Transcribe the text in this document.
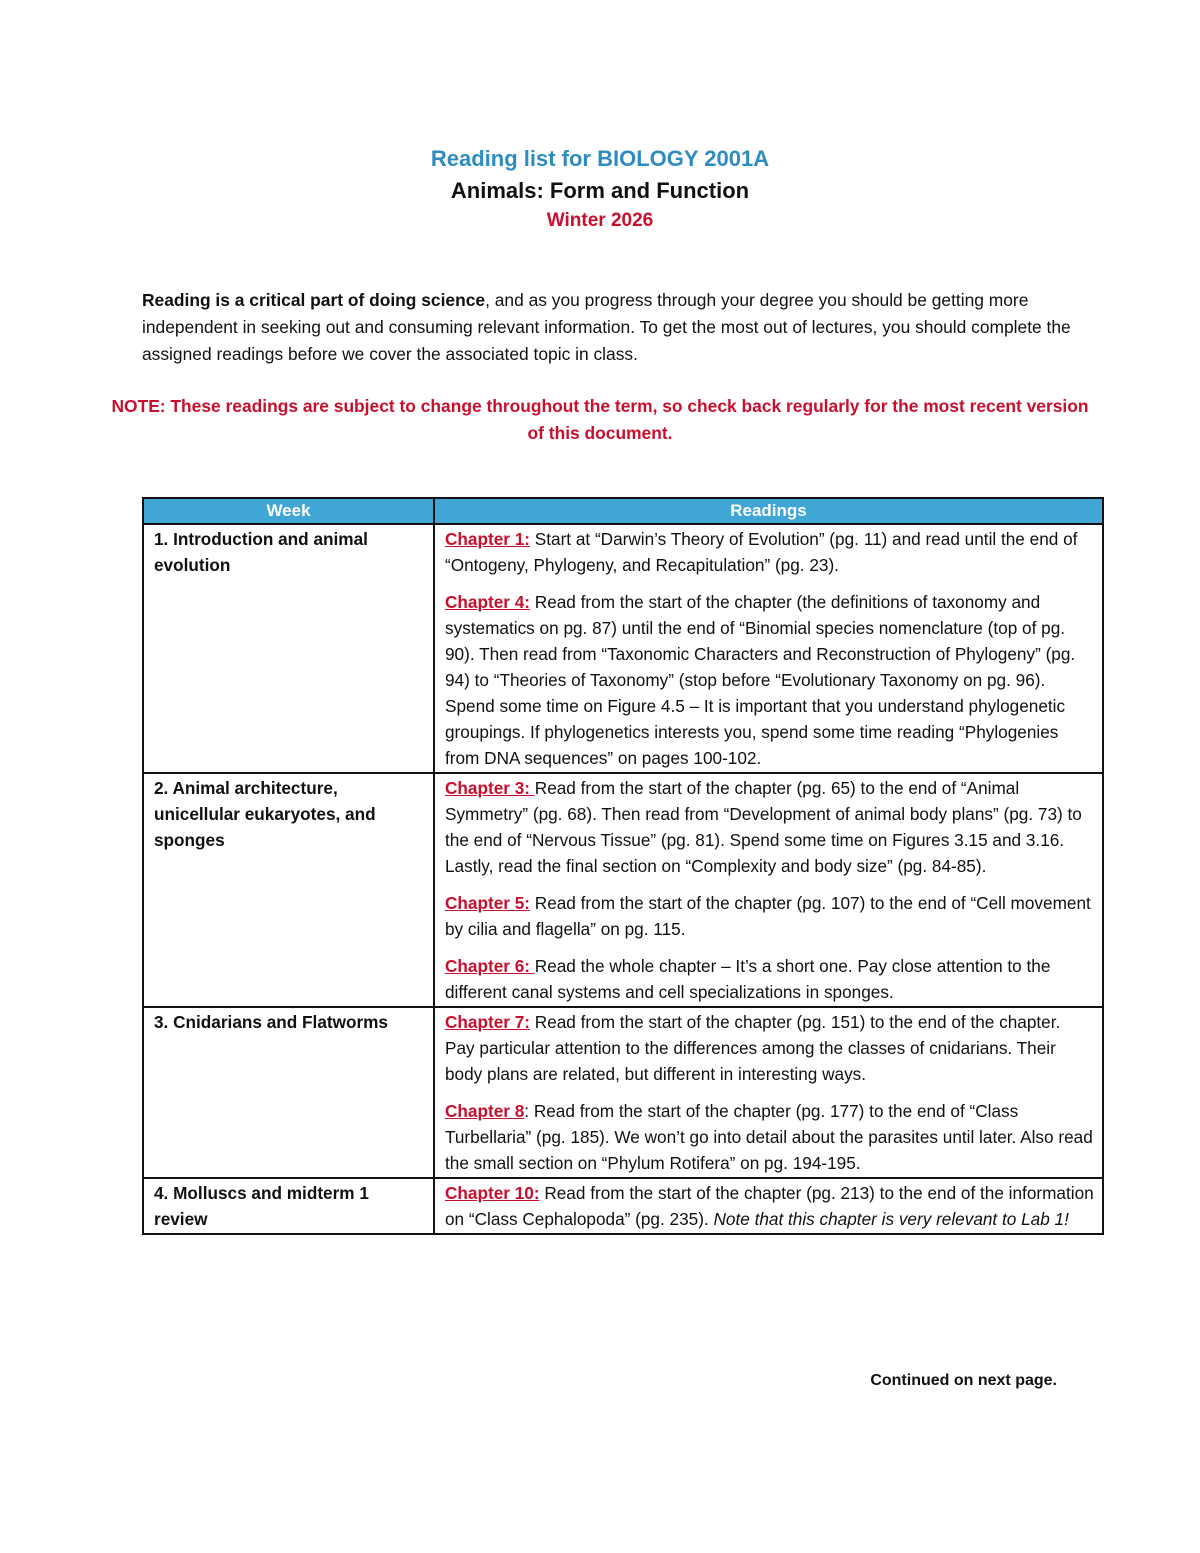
Reading list for BIOLOGY 2001A
Animals: Form and Function
Winter 2026

Reading is a critical part of doing science, and as you progress through your degree you should be getting more independent in seeking out and consuming relevant information. To get the most out of lectures, you should complete the assigned readings before we cover the associated topic in class.

NOTE: These readings are subject to change throughout the term, so check back regularly for the most recent version of this document.

Week	Readings
1. Introduction and animal evolution	Chapter 1: Start at “Darwin’s Theory of Evolution” (pg. 11) and read until the end of “Ontogeny, Phylogeny, and Recapitulation” (pg. 23).

Chapter 4: Read from the start of the chapter (the definitions of taxonomy and systematics on pg. 87) until the end of “Binomial species nomenclature (top of pg. 90). Then read from “Taxonomic Characters and Reconstruction of Phylogeny” (pg. 94) to “Theories of Taxonomy” (stop before “Evolutionary Taxonomy on pg. 96). Spend some time on Figure 4.5 – It is important that you understand phylogenetic groupings. If phylogenetics interests you, spend some time reading “Phylogenies from DNA sequences” on pages 100-102.

2. Animal architecture, unicellular eukaryotes, and sponges	Chapter 3: Read from the start of the chapter (pg. 65) to the end of “Animal Symmetry” (pg. 68). Then read from “Development of animal body plans” (pg. 73) to the end of “Nervous Tissue” (pg. 81). Spend some time on Figures 3.15 and 3.16. Lastly, read the final section on “Complexity and body size” (pg. 84-85).

Chapter 5: Read from the start of the chapter (pg. 107) to the end of “Cell movement by cilia and flagella” on pg. 115.

Chapter 6: Read the whole chapter – It’s a short one. Pay close attention to the different canal systems and cell specializations in sponges.

3. Cnidarians and Flatworms	Chapter 7: Read from the start of the chapter (pg. 151) to the end of the chapter. Pay particular attention to the differences among the classes of cnidarians. Their body plans are related, but different in interesting ways.

Chapter 8: Read from the start of the chapter (pg. 177) to the end of “Class Turbellaria” (pg. 185). We won’t go into detail about the parasites until later. Also read the small section on “Phylum Rotifera” on pg. 194-195.

4. Molluscs and midterm 1 review	Chapter 10: Read from the start of the chapter (pg. 213) to the end of the information on “Class Cephalopoda” (pg. 235). Note that this chapter is very relevant to Lab 1!

Continued on next page.
